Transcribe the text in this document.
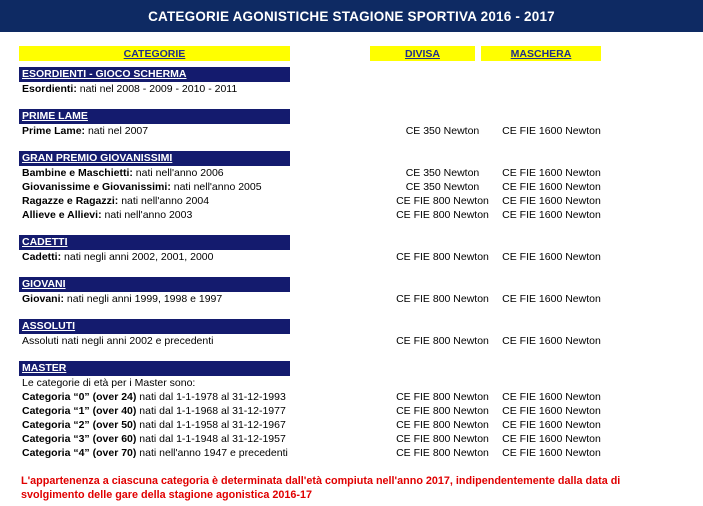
CATEGORIE AGONISTICHE STAGIONE SPORTIVA 2016 - 2017
CATEGORIE	DIVISA	MASCHERA
ESORDIENTI - GIOCO SCHERMA
Esordienti: nati nel 2008 - 2009 - 2010 - 2011
PRIME LAME
Prime Lame: nati nel 2007	CE 350 Newton	CE FIE 1600 Newton
GRAN PREMIO GIOVANISSIMI
Bambine e Maschietti: nati nell'anno 2006	CE 350 Newton	CE FIE 1600 Newton
Giovanissime e Giovanissimi: nati nell'anno 2005	CE 350 Newton	CE FIE 1600 Newton
Ragazze e Ragazzi: nati nell'anno 2004	CE FIE 800 Newton	CE FIE 1600 Newton
Allieve e Allievi: nati nell'anno 2003	CE FIE 800 Newton	CE FIE 1600 Newton
CADETTI
Cadetti: nati negli anni 2002, 2001, 2000	CE FIE 800 Newton	CE FIE 1600 Newton
GIOVANI
Giovani: nati negli anni 1999, 1998 e 1997	CE FIE 800 Newton	CE FIE 1600 Newton
ASSOLUTI
Assoluti nati negli anni 2002 e precedenti	CE FIE 800 Newton	CE FIE 1600 Newton
MASTER
Le categorie di età per i Master sono:
Categoria “0” (over 24) nati dal 1-1-1978 al 31-12-1993	CE FIE 800 Newton	CE FIE 1600 Newton
Categoria “1” (over 40) nati dal 1-1-1968 al 31-12-1977	CE FIE 800 Newton	CE FIE 1600 Newton
Categoria “2” (over 50) nati dal 1-1-1958 al 31-12-1967	CE FIE 800 Newton	CE FIE 1600 Newton
Categoria “3” (over 60) nati dal 1-1-1948 al 31-12-1957	CE FIE 800 Newton	CE FIE 1600 Newton
Categoria “4” (over 70) nati nell'anno 1947 e precedenti	CE FIE 800 Newton	CE FIE 1600 Newton
L'appartenenza a ciascuna categoria è determinata dall'età compiuta nell'anno 2017, indipendentemente dalla data di svolgimento delle gare della stagione agonistica 2016-17
